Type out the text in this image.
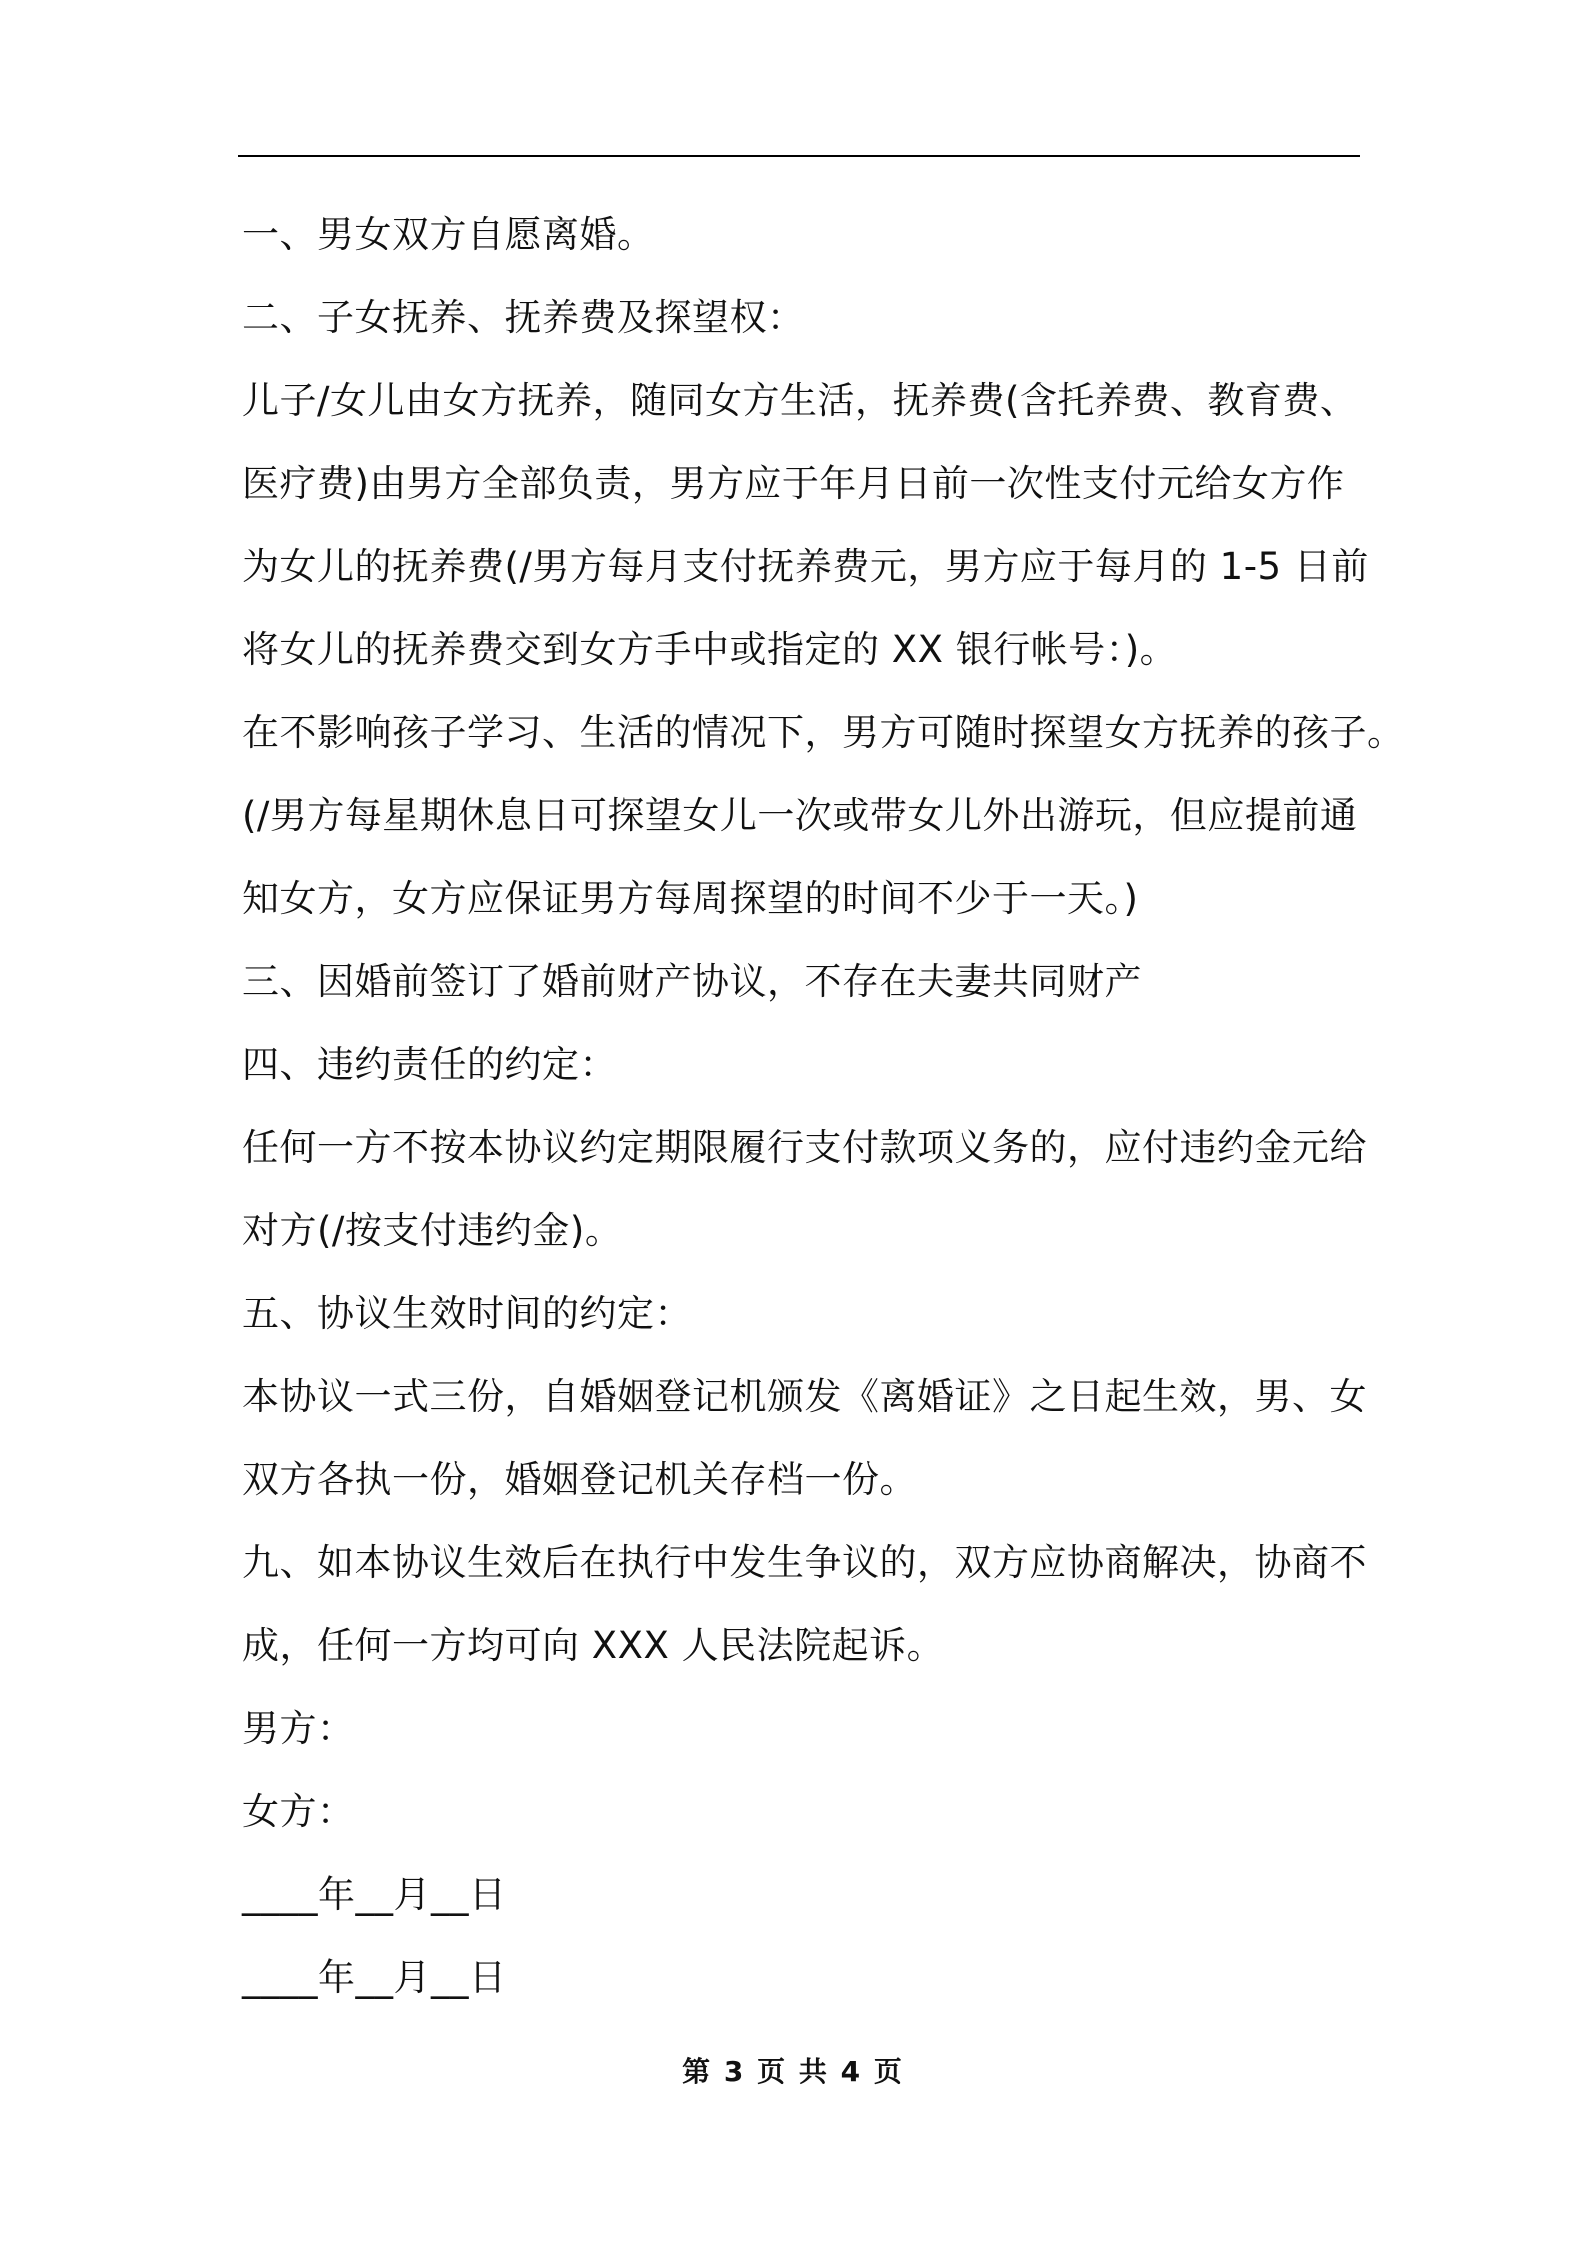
一、男女双方自愿离婚。
二、子女抚养、抚养费及探望权：
儿子/女儿由女方抚养，随同女方生活，抚养费(含托养费、教育费、
医疗费)由男方全部负责，男方应于年月日前一次性支付元给女方作
为女儿的抚养费(/男方每月支付抚养费元，男方应于每月的 1-5 日前
将女儿的抚养费交到女方手中或指定的 XX 银行帐号：)。
在不影响孩子学习、生活的情况下，男方可随时探望女方抚养的孩子。
(/男方每星期休息日可探望女儿一次或带女儿外出游玩，但应提前通
知女方，女方应保证男方每周探望的时间不少于一天。)
三、因婚前签订了婚前财产协议，不存在夫妻共同财产
四、违约责任的约定：
任何一方不按本协议约定期限履行支付款项义务的，应付违约金元给
对方(/按支付违约金)。
五、协议生效时间的约定：
本协议一式三份，自婚姻登记机颁发《离婚证》之日起生效，男、女
双方各执一份，婚姻登记机关存档一份。
九、如本协议生效后在执行中发生争议的，双方应协商解决，协商不
成，任何一方均可向 XXX 人民法院起诉。
男方：
女方：
____年__月__日
____年__月__日
第 3 页 共 4 页
